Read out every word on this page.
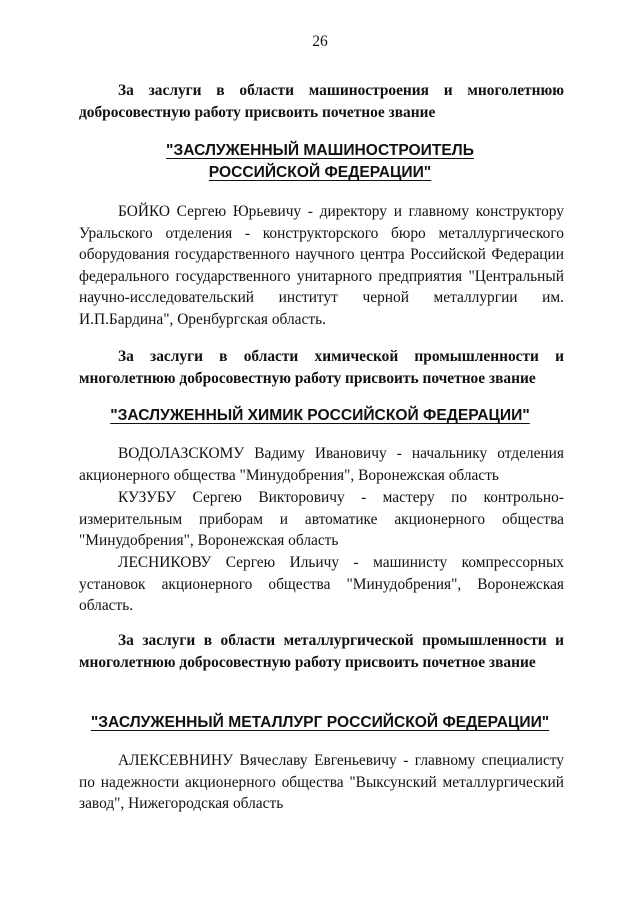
26

За заслуги в области машиностроения и многолетнюю добросовестную работу присвоить почетное звание

"ЗАСЛУЖЕННЫЙ МАШИНОСТРОИТЕЛЬ
РОССИЙСКОЙ ФЕДЕРАЦИИ"

БОЙКО Сергею Юрьевичу - директору и главному конструктору Уральского отделения - конструкторского бюро металлургического оборудования государственного научного центра Российской Федерации федерального государственного унитарного предприятия "Центральный научно-исследовательский институт черной металлургии им. И.П.Бардина", Оренбургская область.

За заслуги в области химической промышленности и многолетнюю добросовестную работу присвоить почетное звание

"ЗАСЛУЖЕННЫЙ ХИМИК РОССИЙСКОЙ ФЕДЕРАЦИИ"

ВОДОЛАЗСКОМУ Вадиму Ивановичу - начальнику отделения акционерного общества "Минудобрения", Воронежская область

КУЗУБУ Сергею Викторовичу - мастеру по контрольно-измерительным приборам и автоматике акционерного общества "Минудобрения", Воронежская область

ЛЕСНИКОВУ Сергею Ильичу - машинисту компрессорных установок акционерного общества "Минудобрения", Воронежская область.

За заслуги в области металлургической промышленности и многолетнюю добросовестную работу присвоить почетное звание

"ЗАСЛУЖЕННЫЙ МЕТАЛЛУРГ РОССИЙСКОЙ ФЕДЕРАЦИИ"

АЛЕКСЕВНИНУ Вячеславу Евгеньевичу - главному специалисту по надежности акционерного общества "Выксунский металлургический завод", Нижегородская область
